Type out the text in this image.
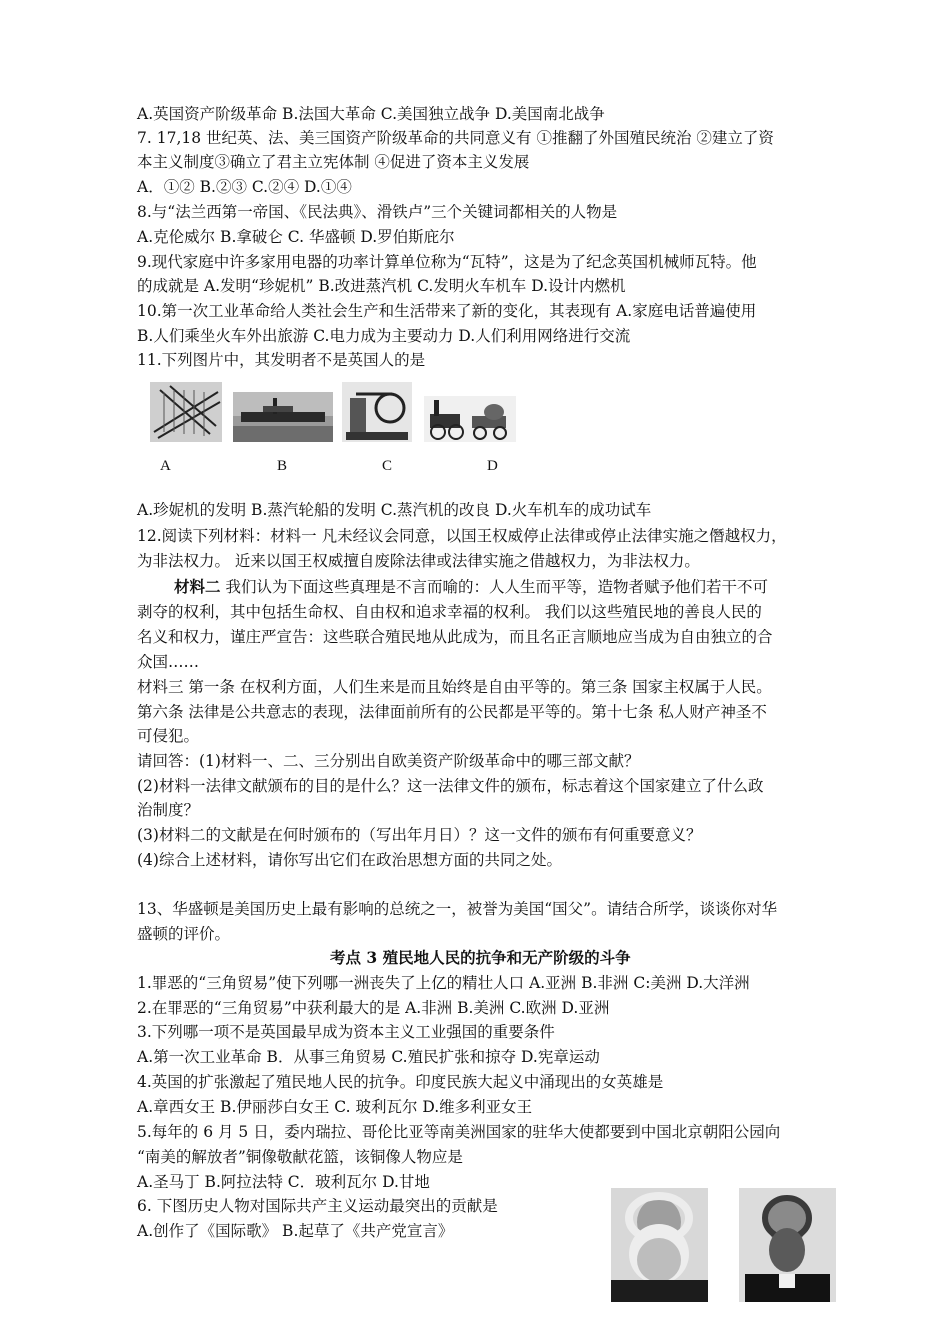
A.英国资产阶级革命 B.法国大革命 C.美国独立战争 D.美国南北战争
7. 17,18 世纪英、法、美三国资产阶级革命的共同意义有 ①推翻了外国殖民统治 ②建立了资
本主义制度③确立了君主立宪体制 ④促进了资本主义发展
A．①② B.②③ C.②④ D.①④
8.与“法兰西第一帝国、《民法典》、滑铁卢”三个关键词都相关的人物是
A.克伦威尔 B.拿破仑 C. 华盛顿 D.罗伯斯庇尔
9.现代家庭中许多家用电器的功率计算单位称为“瓦特”，这是为了纪念英国机械师瓦特。他
的成就是 A.发明“珍妮机” B.改进蒸汽机 C.发明火车机车 D.设计内燃机
10.第一次工业革命给人类社会生产和生活带来了新的变化，其表现有 A.家庭电话普遍使用
B.人们乘坐火车外出旅游 C.电力成为主要动力 D.人们利用网络进行交流
11.下列图片中，其发明者不是英国人的是
A	B	C	D
A.珍妮机的发明 B.蒸汽轮船的发明 C.蒸汽机的改良 D.火车机车的成功试车
12.阅读下列材料：材料一 凡未经议会同意，以国王权威停止法律或停止法律实施之僭越权力，
为非法权力。 近来以国王权威擅自废除法律或法律实施之借越权力，为非法权力。
材料二 我们认为下面这些真理是不言而喻的：人人生而平等，造物者赋予他们若干不可
剥夺的权利，其中包括生命权、自由权和追求幸福的权利。 我们以这些殖民地的善良人民的
名义和权力，谨庄严宣告：这些联合殖民地从此成为，而且名正言顺地应当成为自由独立的合
众国……
材料三 第一条 在权利方面，人们生来是而且始终是自由平等的。第三条 国家主权属于人民。
第六条 法律是公共意志的表现，法律面前所有的公民都是平等的。第十七条 私人财产神圣不
可侵犯。
请回答：(1)材料一、二、三分别出自欧美资产阶级革命中的哪三部文献？
(2)材料一法律文献颁布的目的是什么？这一法律文件的颁布，标志着这个国家建立了什么政
治制度？
(3)材料二的文献是在何时颁布的（写出年月日）？这一文件的颁布有何重要意义？
(4)综合上述材料，请你写出它们在政治思想方面的共同之处。
13、华盛顿是美国历史上最有影响的总统之一，被誉为美国“国父”。请结合所学，谈谈你对华
盛顿的评价。
考点 3 殖民地人民的抗争和无产阶级的斗争
1.罪恶的“三角贸易”使下列哪一洲丧失了上亿的精壮人口 A.亚洲 B.非洲 C:美洲 D.大洋洲
2.在罪恶的“三角贸易”中获利最大的是 A.非洲 B.美洲 C.欧洲 D.亚洲
3.下列哪一项不是英国最早成为资本主义工业强国的重要条件
A.第一次工业革命 B．从事三角贸易 C.殖民扩张和掠夺 D.宪章运动
4.英国的扩张激起了殖民地人民的抗争。印度民族大起义中涌现出的女英雄是
A.章西女王 B.伊丽莎白女王 C. 玻利瓦尔 D.维多利亚女王
5.每年的 6 月 5 日，委内瑞拉、哥伦比亚等南美洲国家的驻华大使都要到中国北京朝阳公园向
“南美的解放者”铜像敬献花篮，该铜像人物应是
A.圣马丁 B.阿拉法特 C．玻利瓦尔 D.甘地
6. 下图历史人物对国际共产主义运动最突出的贡献是
A.创作了《国际歌》 B.起草了《共产党宣言》
